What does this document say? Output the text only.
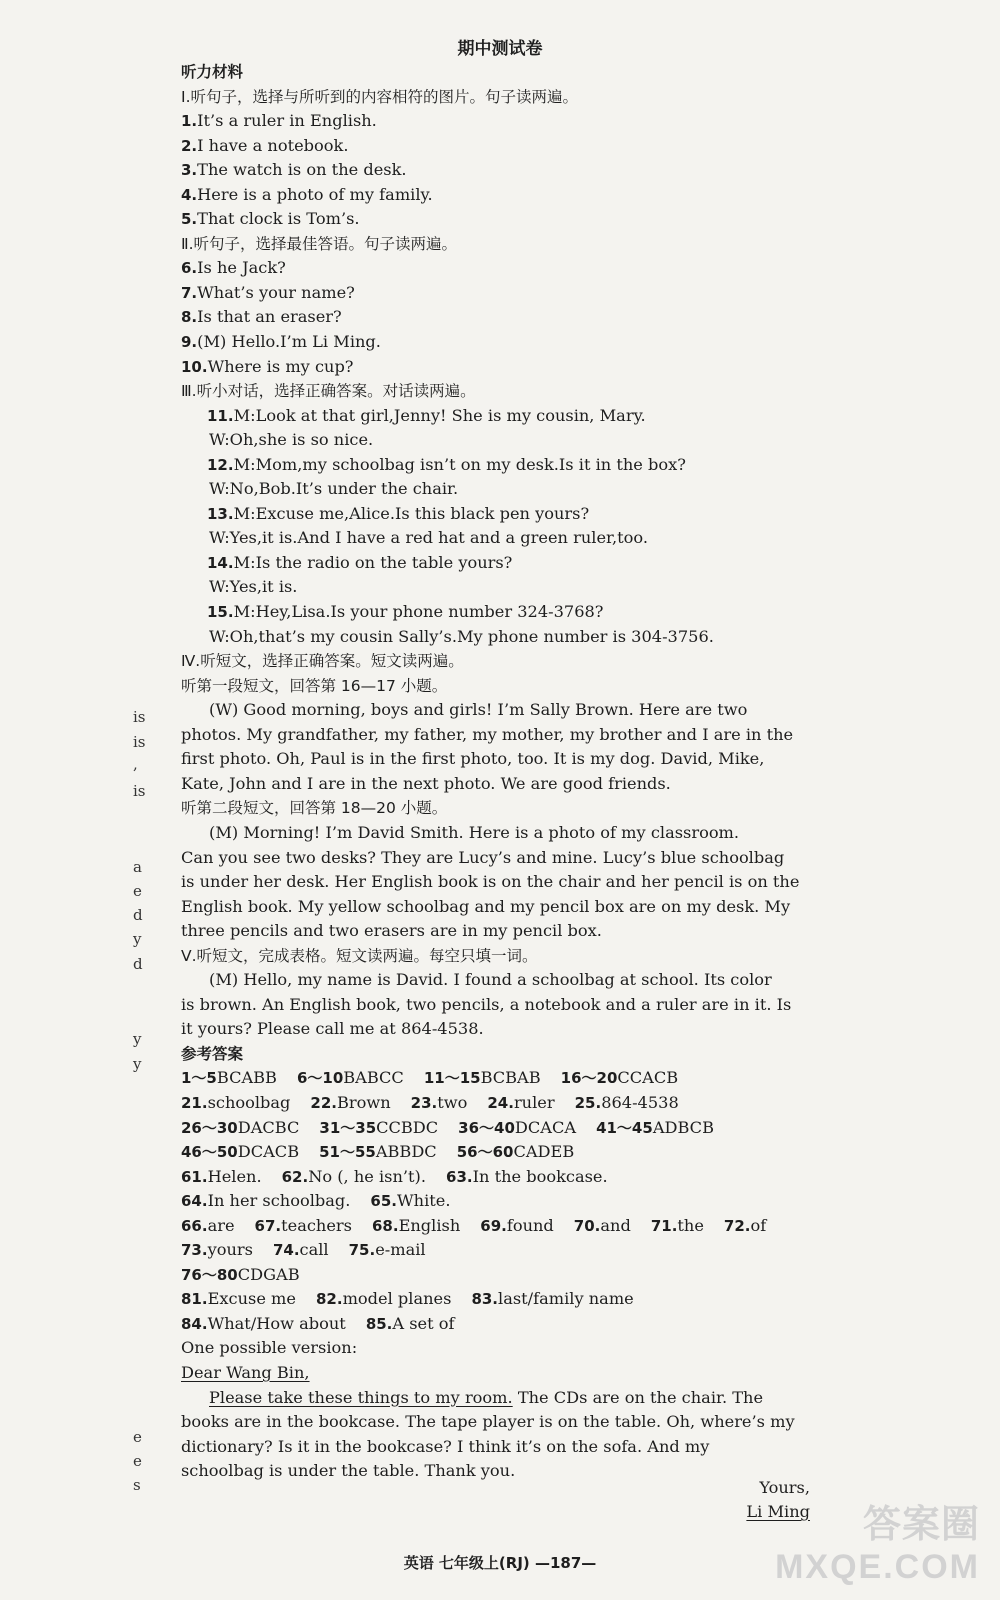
期中测试卷
听力材料
Ⅰ.听句子，选择与所听到的内容相符的图片。句子读两遍。
1.It’s a ruler in English.
2.I have a notebook.
3.The watch is on the desk.
4.Here is a photo of my family.
5.That clock is Tom’s.
Ⅱ.听句子，选择最佳答语。句子读两遍。
6.Is he Jack?
7.What’s your name?
8.Is that an eraser?
9.(M) Hello.I’m Li Ming.
10.Where is my cup?
Ⅲ.听小对话，选择正确答案。对话读两遍。
11.M:Look at that girl,Jenny! She is my cousin, Mary.
W:Oh,she is so nice.
12.M:Mom,my schoolbag isn’t on my desk.Is it in the box?
W:No,Bob.It’s under the chair.
13.M:Excuse me,Alice.Is this black pen yours?
W:Yes,it is.And I have a red hat and a green ruler,too.
14.M:Is the radio on the table yours?
W:Yes,it is.
15.M:Hey,Lisa.Is your phone number 324-3768?
W:Oh,that’s my cousin Sally’s.My phone number is 304-3756.
Ⅳ.听短文，选择正确答案。短文读两遍。
听第一段短文，回答第 16—17 小题。
(W) Good morning, boys and girls! I’m Sally Brown. Here are two
photos. My grandfather, my father, my mother, my brother and I are in the
first photo. Oh, Paul is in the first photo, too. It is my dog. David, Mike,
Kate, John and I are in the next photo. We are good friends.
听第二段短文，回答第 18—20 小题。
(M) Morning! I’m David Smith. Here is a photo of my classroom.
Can you see two desks? They are Lucy’s and mine. Lucy’s blue schoolbag
is under her desk. Her English book is on the chair and her pencil is on the
English book. My yellow schoolbag and my pencil box are on my desk. My
three pencils and two erasers are in my pencil box.
Ⅴ.听短文，完成表格。短文读两遍。每空只填一词。
(M) Hello, my name is David. I found a schoolbag at school. Its color
is brown. An English book, two pencils, a notebook and a ruler are in it. Is
it yours? Please call me at 864-4538.
参考答案
1～5BCABB 6～10BABCC 11～15BCBAB 16～20CCACB
21.schoolbag 22.Brown 23.two 24.ruler 25.864-4538
26～30DACBC 31～35CCBDC 36～40DCACA 41～45ADBCB
46～50DCACB 51～55ABBDC 56～60CADEB
61.Helen. 62.No (, he isn’t). 63.In the bookcase.
64.In her schoolbag. 65.White.
66.are 67.teachers 68.English 69.found 70.and 71.the 72.of
73.yours 74.call 75.e-mail
76～80CDGAB
81.Excuse me 82.model planes 83.last/family name
84.What/How about 85.A set of
One possible version:
Dear Wang Bin,
Please take these things to my room. The CDs are on the chair. The
books are in the bookcase. The tape player is on the table. Oh, where’s my
dictionary? Is it in the bookcase? I think it’s on the sofa. And my
schoolbag is under the table. Thank you.
Yours,
Li Ming
is
is
,
is
a
e
d
y
d
y
y
e
e
s
英语 七年级上(RJ) —187—
答案圈
MXQE.COM
